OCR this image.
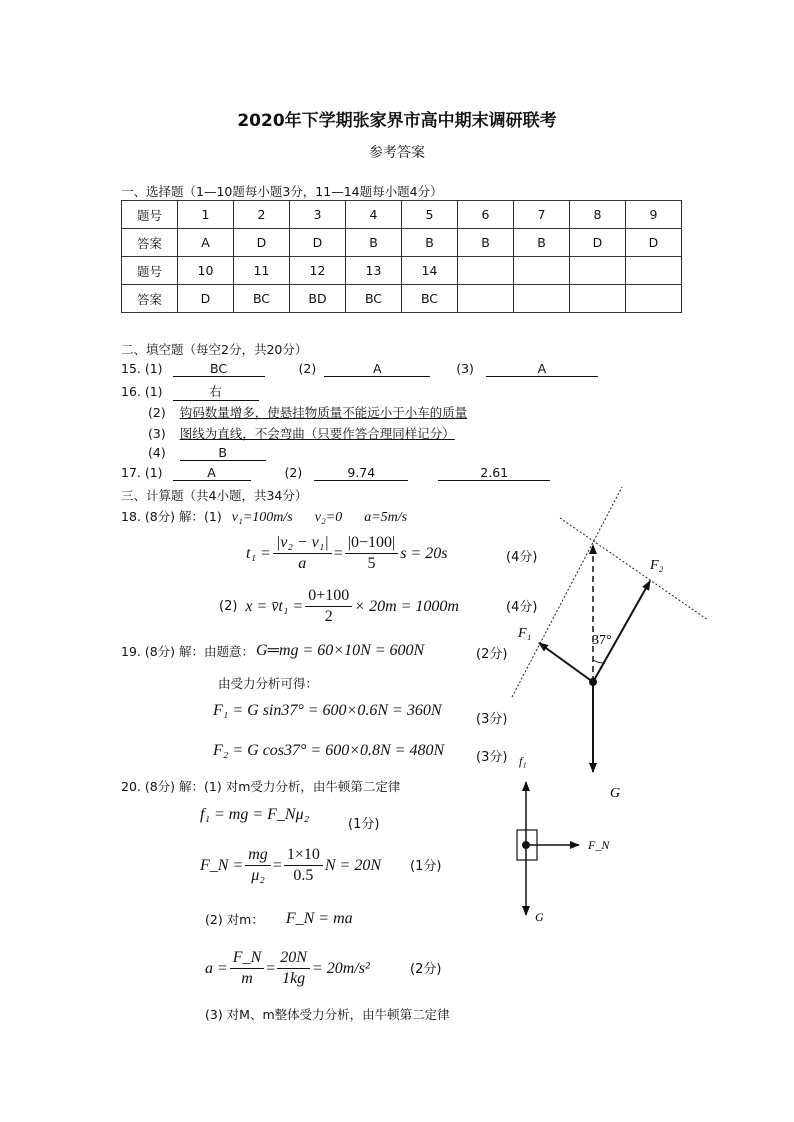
2020年下学期张家界市高中期末调研联考
参考答案
一、选择题（1—10题每小题3分，11—14题每小题4分）
题号	1	2	3	4	5	6	7	8	9
答案	A	D	D	B	B	B	B	D	D
题号	10	11	12	13	14				
答案	D	BC	BD	BC	BC				
二、填空题（每空2分，共20分）
15. (1)	BC	(2)	A	(3)	A
16. (1)	右
(2) 钩码数量增多，使悬挂物质量不能远小于小车的质量
(3) 图线为直线，不会弯曲（只要作答合理同样记分）
(4)	B
17. (1)	A	(2)	9.74	2.61
三、计算题（共4小题，共34分）
18. (8分) 解：(1) v₁=100m/s v₂=0 a=5m/s
$t_1 = \frac{\text{|v₂ − v₁|}}{a} = \frac{|0-100|}{5}$ s = 20s	(4分)
(2) x = v̄t₁ = $\frac{0+100}{2} \times 20m = 1000m$	(4分)
19. (8分) 解：由题意： G═mg = 60×10N = 600N	(2分)
由受力分析可得：
F₁ = G sin37° = 600×0.6N = 360N
(3分)
F₂ = G cos37° = 600×0.8N = 480N (3分)
20. (8分) 解：(1) 对m受力分析，由牛顿第二定律
f₁ = mg = F_Nμ₂
(1分)
F_N = $\frac{mg}{\text{μ₂}} = \frac{1\times 10}{0.5}$ N = 20N (1分)
(2) 对m： F_N = ma
$a = \frac{F\_N}{m} = \frac{20N}{1kg} = 20m/s^2$	(2分)
(3) 对M、m整体受力分析，由牛顿第二定律
F₂
F₁	37°
G
f₁
F_N
G
